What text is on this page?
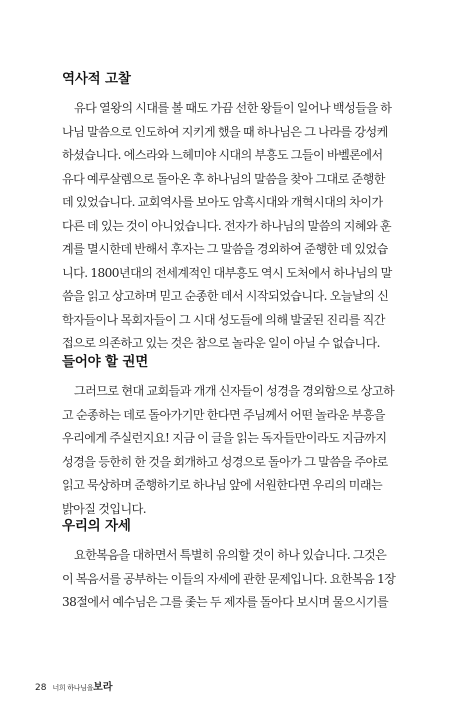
역사적 고찰

유다 열왕의 시대를 볼 때도 가끔 선한 왕들이 일어나 백성들을 하
나님 말씀으로 인도하여 지키게 했을 때 하나님은 그 나라를 강성케
하셨습니다. 에스라와 느헤미야 시대의 부흥도 그들이 바벨론에서
유다 예루살렘으로 돌아온 후 하나님의 말씀을 찾아 그대로 준행한
데 있었습니다. 교회역사를 보아도 암흑시대와 개혁시대의 차이가
다른 데 있는 것이 아니었습니다. 전자가 하나님의 말씀의 지혜와 훈
계를 멸시한데 반해서 후자는 그 말씀을 경외하여 준행한 데 있었습
니다. 1800년대의 전세계적인 대부흥도 역시 도처에서 하나님의 말
씀을 읽고 상고하며 믿고 순종한 데서 시작되었습니다. 오늘날의 신
학자들이나 목회자들이 그 시대 성도들에 의해 발굴된 진리를 직간
접으로 의존하고 있는 것은 참으로 놀라운 일이 아닐 수 없습니다.

들어야 할 권면

그러므로 현대 교회들과 개개 신자들이 성경을 경외함으로 상고하
고 순종하는 데로 돌아가기만 한다면 주님께서 어떤 놀라운 부흥을
우리에게 주실런지요! 지금 이 글을 읽는 독자들만이라도 지금까지
성경을 등한히 한 것을 회개하고 성경으로 돌아가 그 말씀을 주야로
읽고 묵상하며 준행하기로 하나님 앞에 서원한다면 우리의 미래는
밝아질 것입니다.

우리의 자세

요한복음을 대하면서 특별히 유의할 것이 하나 있습니다. 그것은
이 복음서를 공부하는 이들의 자세에 관한 문제입니다. 요한복음 1장
38절에서 예수님은 그를 좇는 두 제자를 돌아다 보시며 물으시기를

28 너희 하나님을보라
